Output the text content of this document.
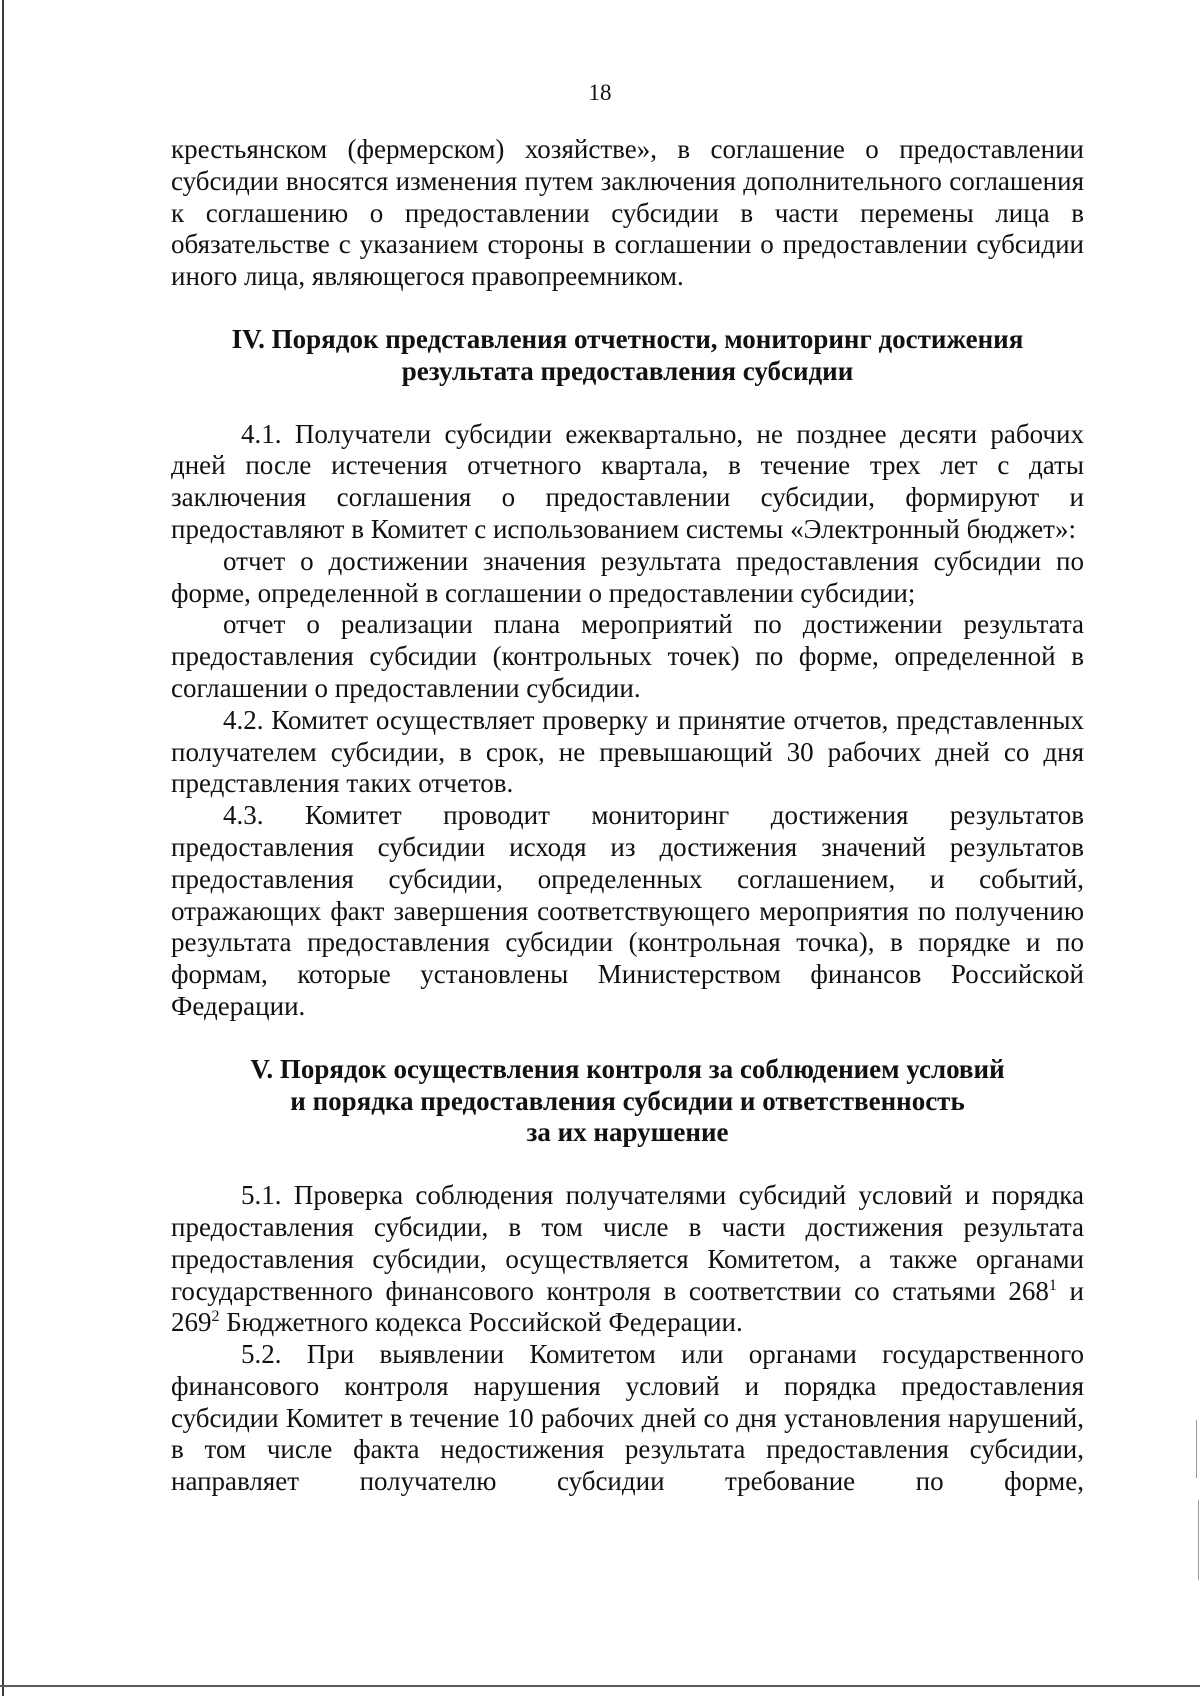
18

крестьянском (фермерском) хозяйстве», в соглашение о предоставлении субсидии вносятся изменения путем заключения дополнительного соглашения к соглашению о предоставлении субсидии в части перемены лица в обязательстве с указанием стороны в соглашении о предоставлении субсидии иного лица, являющегося правопреемником.

IV. Порядок представления отчетности, мониторинг достижения

результата предоставления субсидии

4.1. Получатели субсидии ежеквартально, не позднее десяти рабочих дней после истечения отчетного квартала, в течение трех лет с даты заключения соглашения о предоставлении субсидии, формируют и предоставляют в Комитет с использованием системы «Электронный бюджет»:

отчет о достижении значения результата предоставления субсидии по форме, определенной в соглашении о предоставлении субсидии;

отчет о реализации плана мероприятий по достижении результата предоставления субсидии (контрольных точек) по форме, определенной в соглашении о предоставлении субсидии.

4.2. Комитет осуществляет проверку и принятие отчетов, представленных получателем субсидии, в срок, не превышающий 30 рабочих дней со дня представления таких отчетов.

4.3. Комитет проводит мониторинг достижения результатов предоставления субсидии исходя из достижения значений результатов предоставления субсидии, определенных соглашением, и событий, отражающих факт завершения соответствующего мероприятия по получению результата предоставления субсидии (контрольная точка), в порядке и по формам, которые установлены Министерством финансов Российской Федерации.

V. Порядок осуществления контроля за соблюдением условий

и порядка предоставления субсидии и ответственность

за их нарушение

5.1. Проверка соблюдения получателями субсидий условий и порядка предоставления субсидии, в том числе в части достижения результата предоставления субсидии, осуществляется Комитетом, а также органами государственного финансового контроля в соответствии со статьями $268^1$ и $269^2$ Бюджетного кодекса Российской Федерации.

5.2. При выявлении Комитетом или органами государственного финансового контроля нарушения условий и порядка предоставления субсидии Комитет в течение 10 рабочих дней со дня установления нарушений, в том числе факта недостижения результата предоставления субсидии, направляет получателю субсидии требование по форме,
